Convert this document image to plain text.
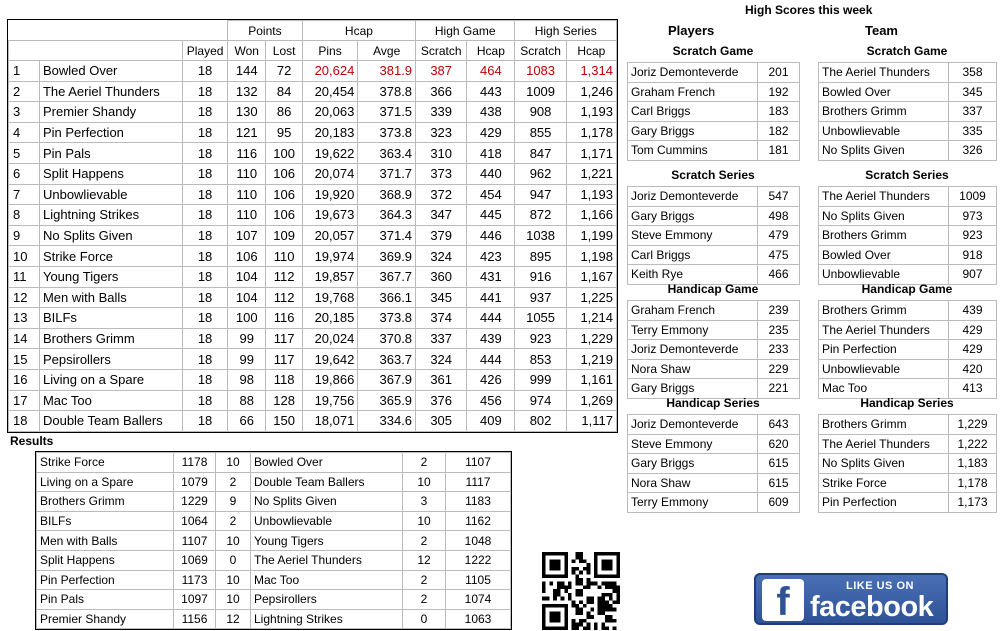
			Points		Hcap		High Game		High Series	
		Played	Won	Lost	Pins	Avge	Scratch	Hcap	Scratch	Hcap
1	Bowled Over	18	144	72	20,624	381.9	387	464	1083	1,314
2	The Aeriel Thunders	18	132	84	20,454	378.8	366	443	1009	1,246
3	Premier Shandy	18	130	86	20,063	371.5	339	438	908	1,193
4	Pin Perfection	18	121	95	20,183	373.8	323	429	855	1,178
5	Pin Pals	18	116	100	19,622	363.4	310	418	847	1,171
6	Split Happens	18	110	106	20,074	371.7	373	440	962	1,221
7	Unbowlievable	18	110	106	19,920	368.9	372	454	947	1,193
8	Lightning Strikes	18	110	106	19,673	364.3	347	445	872	1,166
9	No Splits Given	18	107	109	20,057	371.4	379	446	1038	1,199
10	Strike Force	18	106	110	19,974	369.9	324	423	895	1,198
11	Young Tigers	18	104	112	19,857	367.7	360	431	916	1,167
12	Men with Balls	18	104	112	19,768	366.1	345	441	937	1,225
13	BILFs	18	100	116	20,185	373.8	374	444	1055	1,214
14	Brothers Grimm	18	99	117	20,024	370.8	337	439	923	1,229
15	Pepsirollers	18	99	117	19,642	363.7	324	444	853	1,219
16	Living on a Spare	18	98	118	19,866	367.9	361	426	999	1,161
17	Mac Too	18	88	128	19,756	365.9	376	456	974	1,269
18	Double Team Ballers	18	66	150	18,071	334.6	305	409	802	1,117
High Scores this week
Players	Team
Scratch Game
Joriz Demonteverde	201
Graham French	192
Carl Briggs	183
Gary Briggs	182
Tom Cummins	181
Scratch Series
Joriz Demonteverde	547
Gary Briggs	498
Steve Emmony	479
Carl Briggs	475
Keith Rye	466
Handicap Game
Graham French	239
Terry Emmony	235
Joriz Demonteverde	233
Nora Shaw	229
Gary Briggs	221
Handicap Series
Joriz Demonteverde	643
Steve Emmony	620
Gary Briggs	615
Nora Shaw	615
Terry Emmony	609
Scratch Game
The Aeriel Thunders	358
Bowled Over	345
Brothers Grimm	337
Unbowlievable	335
No Splits Given	326
Scratch Series
The Aeriel Thunders	1009
No Splits Given	973
Brothers Grimm	923
Bowled Over	918
Unbowlievable	907
Handicap Game
Brothers Grimm	439
The Aeriel Thunders	429
Pin Perfection	429
Unbowlievable	420
Mac Too	413
Handicap Series
Brothers Grimm	1,229
The Aeriel Thunders	1,222
No Splits Given	1,183
Strike Force	1,178
Pin Perfection	1,173
Results
Strike Force	1178	10	Bowled Over	2	1107
Living on a Spare	1079	2	Double Team Ballers	10	1117
Brothers Grimm	1229	9	No Splits Given	3	1183
BILFs	1064	2	Unbowlievable	10	1162
Men with Balls	1107	10	Young Tigers	2	1048
Split Happens	1069	0	The Aeriel Thunders	12	1222
Pin Perfection	1173	10	Mac Too	2	1105
Pin Pals	1097	10	Pepsirollers	2	1074
Premier Shandy	1156	12	Lightning Strikes	0	1063	f	LIKE US ON
facebook
